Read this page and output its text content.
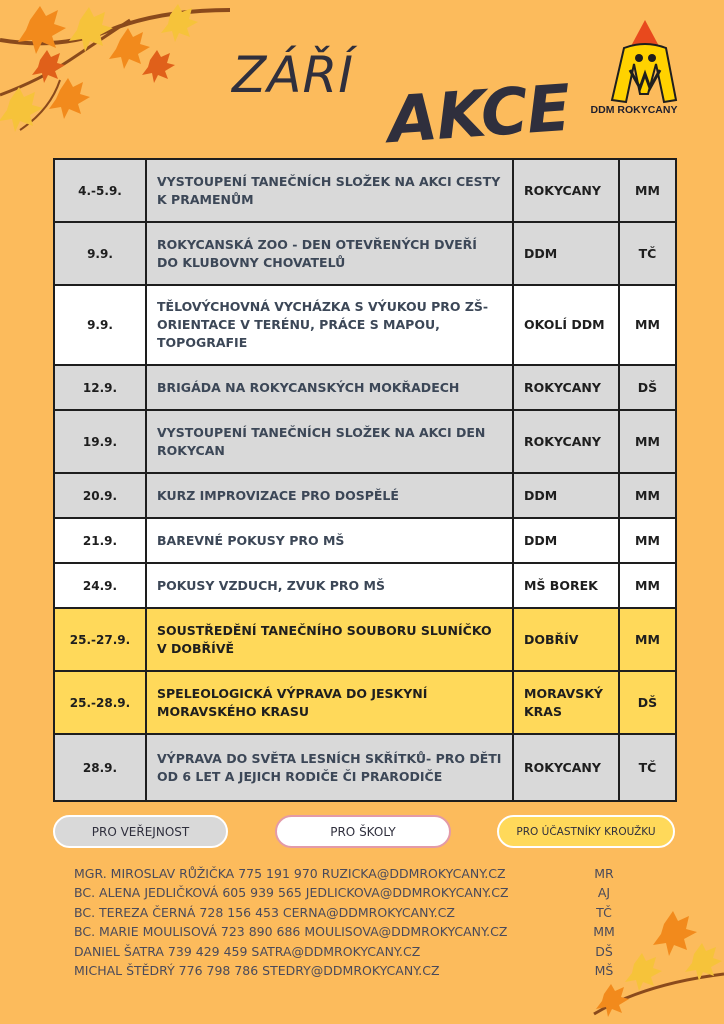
ZÁŘÍ AKCE	DDM ROKYCANY
4.-5.9.	VYSTOUPENÍ TANEČNÍCH SLOŽEK NA AKCI CESTY K PRAMENŮM	ROKYCANY	MM
9.9.	ROKYCANSKÁ ZOO - DEN OTEVŘENÝCH DVEŘÍ DO KLUBOVNY CHOVATELŮ	DDM	TČ
9.9.	TĚLOVÝCHOVNÁ VYCHÁZKA S VÝUKOU PRO ZŠ- ORIENTACE V TERÉNU, PRÁCE S MAPOU, TOPOGRAFIE	OKOLÍ DDM	MM
12.9.	BRIGÁDA NA ROKYCANSKÝCH MOKŘADECH	ROKYCANY	DŠ
19.9.	VYSTOUPENÍ TANEČNÍCH SLOŽEK NA AKCI DEN ROKYCAN	ROKYCANY	MM
20.9.	KURZ IMPROVIZACE PRO DOSPĚLÉ	DDM	MM
21.9.	BAREVNÉ POKUSY PRO MŠ	DDM	MM
24.9.	POKUSY VZDUCH, ZVUK PRO MŠ	MŠ BOREK	MM
25.-27.9.	SOUSTŘEDĚNÍ TANEČNÍHO SOUBORU SLUNÍČKO V DOBŘÍVĚ	DOBŘÍV	MM
25.-28.9.	SPELEOLOGICKÁ VÝPRAVA DO JESKYNÍ MORAVSKÉHO KRASU	MORAVSKÝ KRAS	DŠ
28.9.	VÝPRAVA DO SVĚTA LESNÍCH SKŘÍTKŮ- PRO DĚTI OD 6 LET A JEJICH RODIČE ČI PRARODIČE	ROKYCANY	TČ
PRO VEŘEJNOST	PRO ŠKOLY	PRO ÚČASTNÍKY KROUŽKU
MGR. MIROSLAV RŮŽIČKA 775 191 970 RUZICKA@DDMROKYCANY.CZ	MR
BC. ALENA JEDLIČKOVÁ 605 939 565 JEDLICKOVA@DDMROKYCANY.CZ	AJ
BC. TEREZA ČERNÁ 728 156 453 CERNA@DDMROKYCANY.CZ	TČ
BC. MARIE MOULISOVÁ 723 890 686 MOULISOVA@DDMROKYCANY.CZ	MM
DANIEL ŠATRA 739 429 459 SATRA@DDMROKYCANY.CZ	DŠ
MICHAL ŠTĚDRÝ 776 798 786 STEDRY@DDMROKYCANY.CZ	MŠ
